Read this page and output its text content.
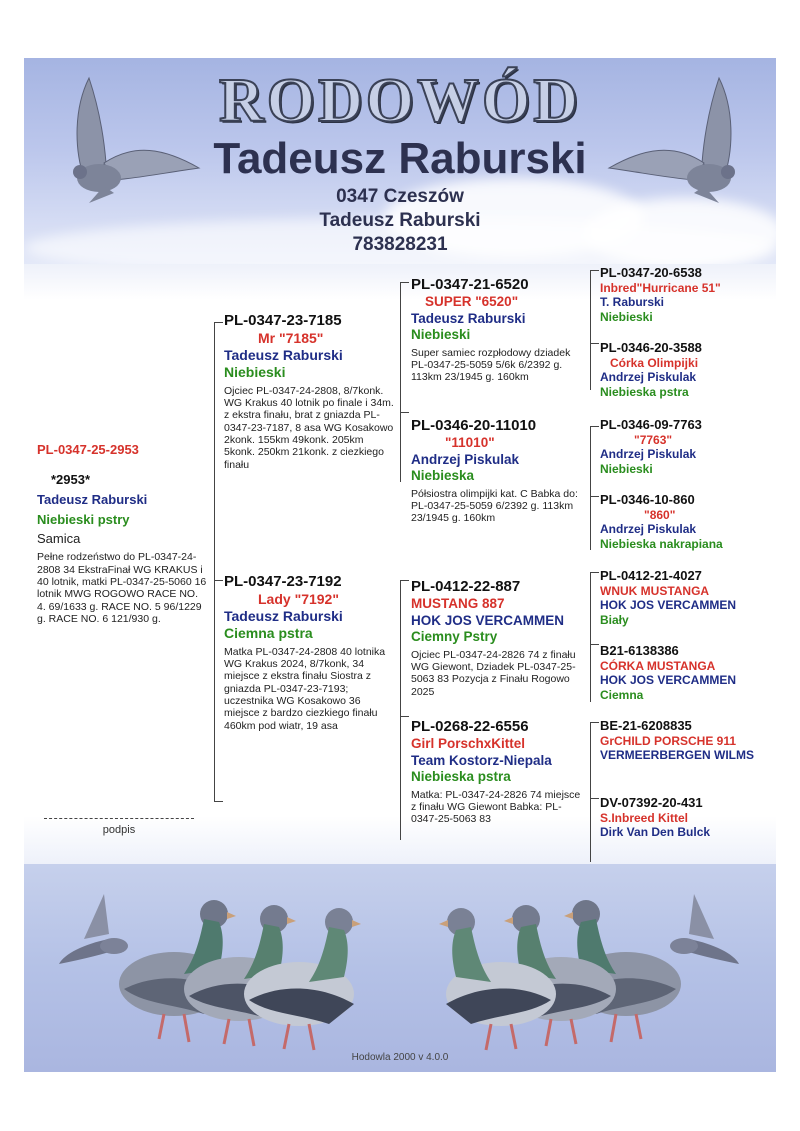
RODOWÓD
Tadeusz Raburski
0347 Czeszów
Tadeusz Raburski
783828231
PL-0347-25-2953
*2953*
Tadeusz Raburski
Niebieski pstry
Samica
Pełne rodzeństwo do PL-0347-24-2808 34 EkstraFinał WG KRAKUS i 40 lotnik, matki PL-0347-25-5060 16 lotnik MWG ROGOWO RACE NO. 4. 69/1633 g. RACE NO. 5 96/1229 g. RACE NO. 6 121/930 g.
podpis
PL-0347-23-7185
Mr "7185"
Tadeusz Raburski
Niebieski
Ojciec PL-0347-24-2808, 8/7konk. WG Krakus 40 lotnik po finale i 34m. z ekstra finału, brat z gniazda PL-0347-23-7187, 8 asa WG Kosakowo 2konk. 155km 49konk. 205km 5konk. 250km 21konk. z ciezkiego finału
PL-0347-23-7192
Lady "7192"
Tadeusz Raburski
Ciemna pstra
Matka PL-0347-24-2808 40 lotnika WG Krakus 2024, 8/7konk, 34 miejsce z ekstra finału Siostra z gniazda PL-0347-23-7193; uczestnika WG Kosakowo 36 miejsce z bardzo ciezkiego finału 460km pod wiatr, 19 asa
PL-0347-21-6520
SUPER "6520"
Tadeusz Raburski
Niebieski
Super samiec rozpłodowy dziadek PL-0347-25-5059 5/6k 6/2392 g. 113km 23/1945 g. 160km
PL-0346-20-11010
"11010"
Andrzej Piskulak
Niebieska
Półsiostra olimpijki kat. C Babka do: PL-0347-25-5059 6/2392 g. 113km 23/1945 g. 160km
PL-0412-22-887
MUSTANG 887
HOK JOS VERCAMMEN
Ciemny Pstry
Ojciec PL-0347-24-2826 74 z finału WG Giewont, Dziadek PL-0347-25-5063 83 Pozycja z Finału Rogowo 2025
PL-0268-22-6556
Girl PorschxKittel
Team Kostorz-Niepala
Niebieska pstra
Matka: PL-0347-24-2826 74 miejsce z finału WG Giewont Babka: PL-0347-25-5063 83
PL-0347-20-6538
Inbred"Hurricane 51"
T. Raburski
Niebieski
PL-0346-20-3588
Córka Olimpijki
Andrzej Piskulak
Niebieska pstra
PL-0346-09-7763
"7763"
Andrzej Piskulak
Niebieski
PL-0346-10-860
"860"
Andrzej Piskulak
Niebieska nakrapiana
PL-0412-21-4027
WNUK MUSTANGA
HOK JOS VERCAMMEN
Biały
B21-6138386
CÓRKA MUSTANGA
HOK JOS VERCAMMEN
Ciemna
BE-21-6208835
GrCHILD PORSCHE 911
VERMEERBERGEN WILMS
DV-07392-20-431
S.Inbreed Kittel
Dirk Van Den Bulck
Hodowla 2000 v 4.0.0
